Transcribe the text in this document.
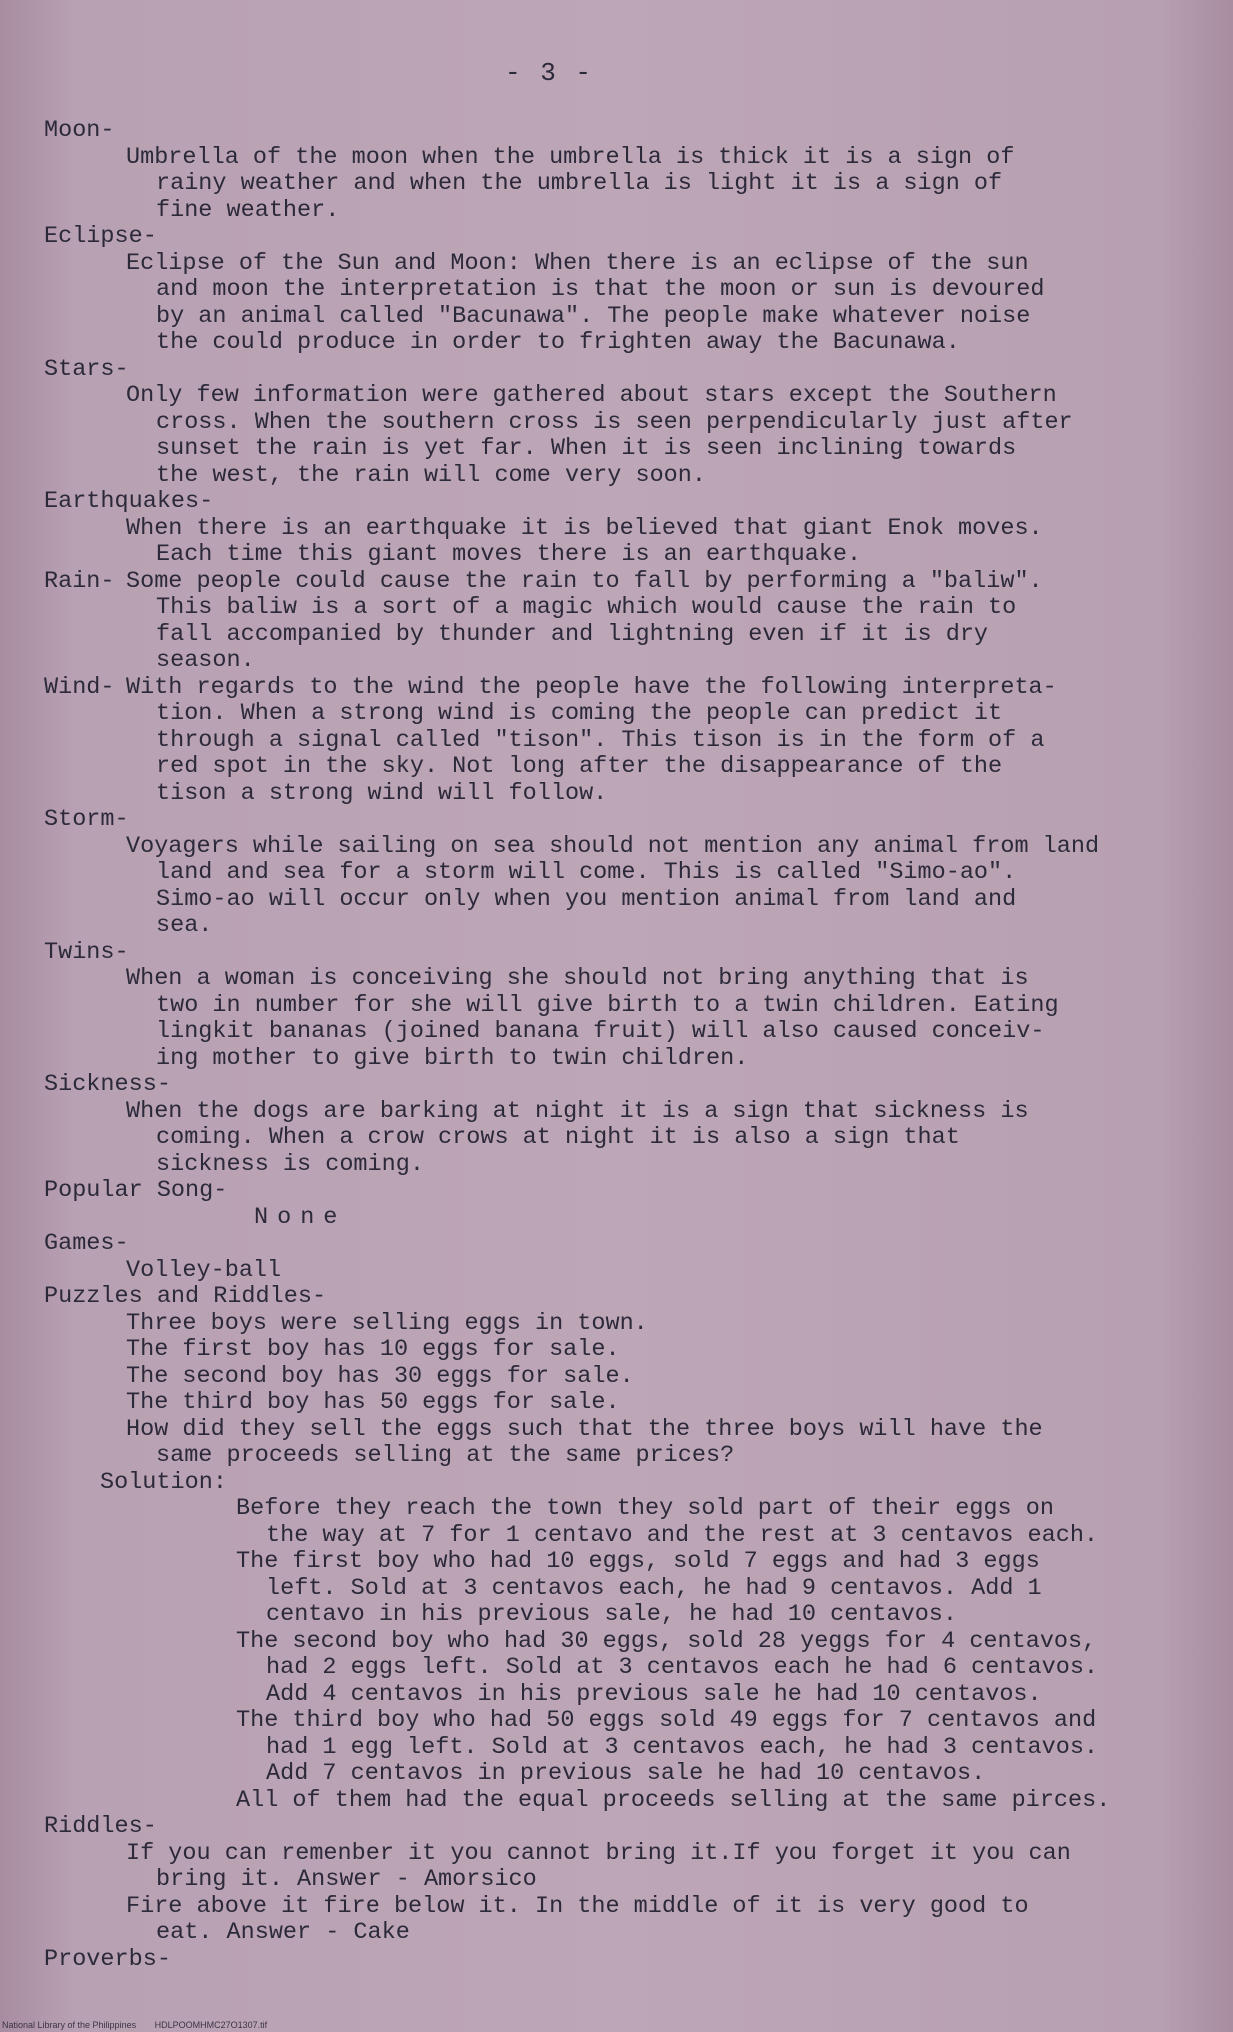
- 3 -
Moon-
Umbrella of the moon when the umbrella is thick it is a sign of
rainy weather and when the umbrella is light it is a sign of
fine weather.
Eclipse-
Eclipse of the Sun and Moon: When there is an eclipse of the sun
and moon the interpretation is that the moon or sun is devoured
by an animal called "Bacunawa". The people make whatever noise
the could produce in order to frighten away the Bacunawa.
Stars-
Only few information were gathered about stars except the Southern
cross. When the southern cross is seen perpendicularly just after
sunset the rain is yet far. When it is seen inclining towards
the west, the rain will come very soon.
Earthquakes-
When there is an earthquake it is believed that giant Enok moves.
Each time this giant moves there is an earthquake.
Rain-
Some people could cause the rain to fall by performing a "baliw".
This baliw is a sort of a magic which would cause the rain to
fall accompanied by thunder and lightning even if it is dry
season.
Wind-
With regards to the wind the people have the following interpreta-
tion. When a strong wind is coming the people can predict it
through a signal called "tison". This tison is in the form of a
red spot in the sky. Not long after the disappearance of the
tison a strong wind will follow.
Storm-
Voyagers while sailing on sea should not mention any animal from land
land and sea for a storm will come. This is called "Simo-ao".
Simo-ao will occur only when you mention animal from land and
sea.
Twins-
When a woman is conceiving she should not bring anything that is
two in number for she will give birth to a twin children. Eating
lingkit bananas (joined banana fruit) will also caused conceiv-
ing mother to give birth to twin children.
Sickness-
When the dogs are barking at night it is a sign that sickness is
coming. When a crow crows at night it is also a sign that
sickness is coming.
Popular Song-
None
Games-
Volley-ball
Puzzles and Riddles-
Three boys were selling eggs in town.
The first boy has 10 eggs for sale.
The second boy has 30 eggs for sale.
The third boy has 50 eggs for sale.
How did they sell the eggs such that the three boys will have the
same proceeds selling at the same prices?
Solution:
Before they reach the town they sold part of their eggs on
the way at 7 for 1 centavo and the rest at 3 centavos each.
The first boy who had 10 eggs, sold 7 eggs and had 3 eggs
left. Sold at 3 centavos each, he had 9 centavos. Add 1
centavo in his previous sale, he had 10 centavos.
The second boy who had 30 eggs, sold 28 yeggs for 4 centavos,
had 2 eggs left. Sold at 3 centavos each he had 6 centavos.
Add 4 centavos in his previous sale he had 10 centavos.
The third boy who had 50 eggs sold 49 eggs for 7 centavos and
had 1 egg left. Sold at 3 centavos each, he had 3 centavos.
Add 7 centavos in previous sale he had 10 centavos.
All of them had the equal proceeds selling at the same pirces.
Riddles-
If you can remenber it you cannot bring it.If you forget it you can
bring it. Answer - Amorsico
Fire above it fire below it. In the middle of it is very good to
eat. Answer - Cake
Proverbs-
National Library of the Philippines HDLPOOMHMC27O1307.tif
